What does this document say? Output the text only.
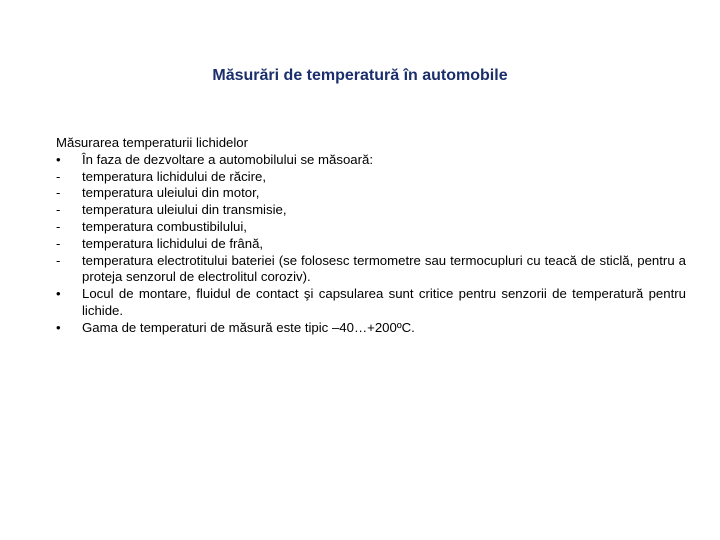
Măsurări de temperatură în automobile
Măsurarea temperaturii lichidelor
•	În faza de dezvoltare a automobilului se măsoară:
-	temperatura lichidului de răcire,
-	temperatura uleiului din motor,
-	temperatura uleiului din transmisie,
-	temperatura combustibilului,
-	temperatura lichidului de frână,
-	temperatura electrotitului bateriei (se folosesc termometre sau termocupluri cu teacă de sticlă, pentru a proteja senzorul de electrolitul coroziv).
•	Locul de montare, fluidul de contact şi capsularea sunt critice pentru senzorii de temperatură pentru lichide.
•	Gama de temperaturi de măsură este tipic –40…+200ºC.
